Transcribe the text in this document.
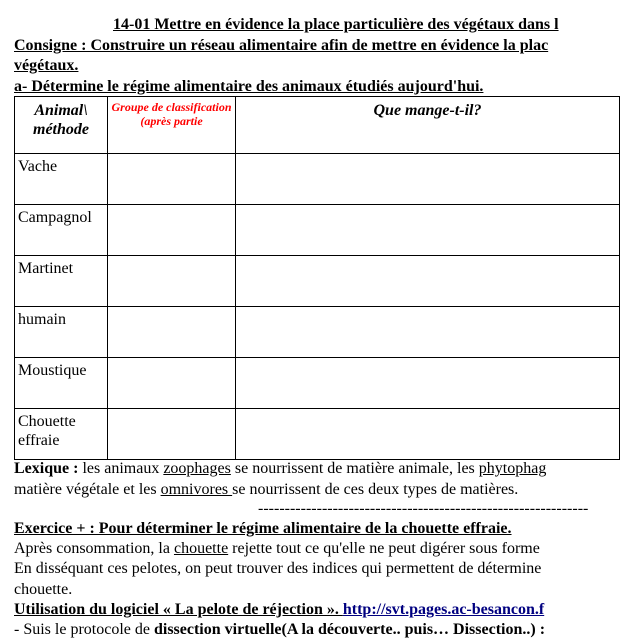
14-01 Mettre en évidence la place particulière des végétaux dans l
Consigne : Construire un réseau alimentaire afin de mettre en évidence la plac
végétaux.
a- Détermine le régime alimentaire des animaux étudiés aujourd'hui.
Animal\
méthode	Groupe de classification (après partie	Que mange-t-il?
Vache		
Campagnol		
Martinet		
humain		
Moustique		
Chouette effraie		
Lexique : les animaux zoophages se nourrissent de matière animale, les phytophag
matière végétale et les omnivores se nourrissent de ces deux types de matières.
--------------------------------------------------------------
Exercice + : Pour déterminer le régime alimentaire de la chouette effraie.
Après consommation, la chouette rejette tout ce qu'elle ne peut digérer sous forme
En disséquant ces pelotes, on peut trouver des indices qui permettent de détermine
chouette.
Utilisation du logiciel « La pelote de réjection ». http://svt.pages.ac-besancon.f
- Suis le protocole de dissection virtuelle(A la découverte.. puis… Dissection..) :
